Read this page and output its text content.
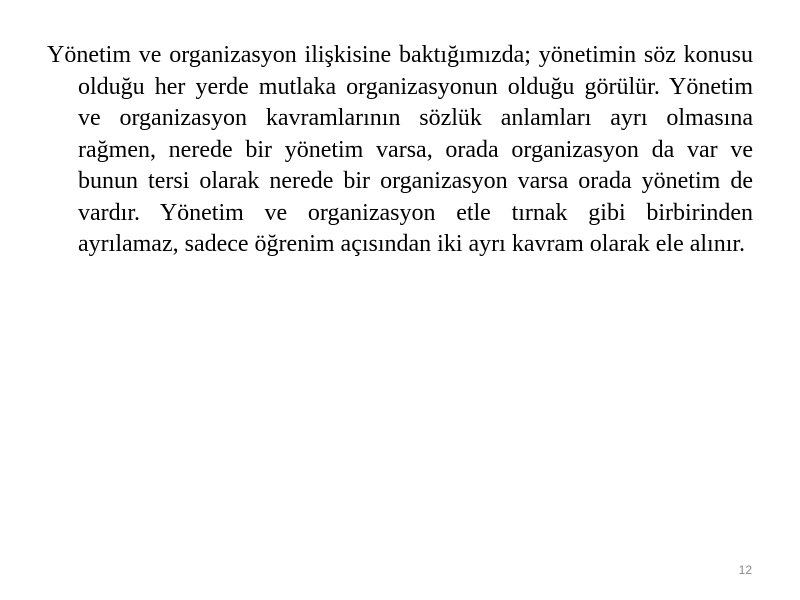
Yönetim ve organizasyon ilişkisine baktığımızda; yönetimin söz konusu olduğu her yerde mutlaka organizasyonun olduğu görülür. Yönetim ve organizasyon kavramlarının sözlük anlamları ayrı olmasına rağmen, nerede bir yönetim varsa, orada organizasyon da var ve bunun tersi olarak nerede bir organizasyon varsa orada yönetim de vardır. Yönetim ve organizasyon etle tırnak gibi birbirinden ayrılamaz, sadece öğrenim açısından iki ayrı kavram olarak ele alınır.

12
